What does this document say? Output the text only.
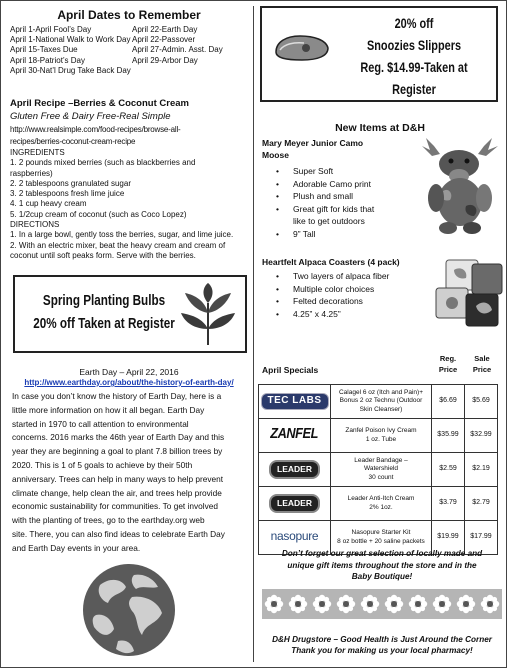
April Dates to Remember
April 1-April Fool’s Day
April 1-National Walk to Work Day
April 15-Taxes Due
April 18-Patriot’s Day
April 30-Nat’l Drug Take Back Day
April 22-Earth Day
April 22-Passover
April 27-Admin. Asst. Day
April 29-Arbor Day
April Recipe –Berries & Coconut Cream
Gluten Free & Dairy Free-Real Simple
http://www.realsimple.com/food-recipes/browse-all-
recipes/berries-coconut-cream-recipe
INGREDIENTS
1. 2 pounds mixed berries (such as blackberries and
raspberries)
2. 2 tablespoons granulated sugar
3. 2 tablespoons fresh lime juice
4. 1 cup heavy cream
5. 1/2cup cream of coconut (such as Coco Lopez)
DIRECTIONS
1. In a large bowl, gently toss the berries, sugar, and lime juice.
2. With an electric mixer, beat the heavy cream and cream of
coconut until soft peaks form. Serve with the berries.
Spring Planting Bulbs
20% off Taken at Register
Earth Day – April 22, 2016
http://www.earthday.org/about/the-history-of-earth-day/
In case you don’t know the history of Earth Day, here is a
little more information on how it all began. Earth Day
started in 1970 to call attention to environmental
concerns. 2016 marks the 46th year of Earth Day and this
year they are beginning a goal to plant 7.8 billion trees by
2020. This is 1 of 5 goals to achieve by their 50th
anniversary. Trees can help in many ways to help prevent
climate change, help clean the air, and trees help provide
economic sustainability for communities. To get involved
with the planting of trees, go to the earthday.org web
site. There, you can also find ideas to celebrate Earth Day
and Earth Day events in your area.
20% off
Snoozies Slippers
Reg. $14.99-Taken at Register
New Items at D&H
Mary Meyer Junior Camo
Moose
• Super Soft
• Adorable Camo print
• Plush and small
• Great gift for kids that
like to get outdoors
• 9” Tall
Heartfelt Alpaca Coasters (4 pack)
• Two layers of alpaca fiber
• Multiple color choices
• Felted decorations
• 4.25” x 4.25”
April Specials
Reg.
Price
Sale
Price
TEC LABS	Calagel 6 oz (Itch and Pain)+
Bonus 2 oz Technu (Outdoor
Skin Cleanser)	$6.69	$5.69
ZANFEL	Zanfel Poison Ivy Cream
1 oz. Tube	$35.99	$32.99
LEADER	Leader Bandage –
Watershield
30 count	$2.59	$2.19
LEADER	Leader Anti-Itch Cream
2% 1oz.	$3.79	$2.79
nasopure	Nasopure Starter Kit
8 oz bottle + 20 saline packets	$19.99	$17.99
Don’t forget our great selection of locally made and
unique gift items throughout the store and in the
Baby Boutique!
D&H Drugstore – Good Health is Just Around the Corner
Thank you for making us your local pharmacy!
